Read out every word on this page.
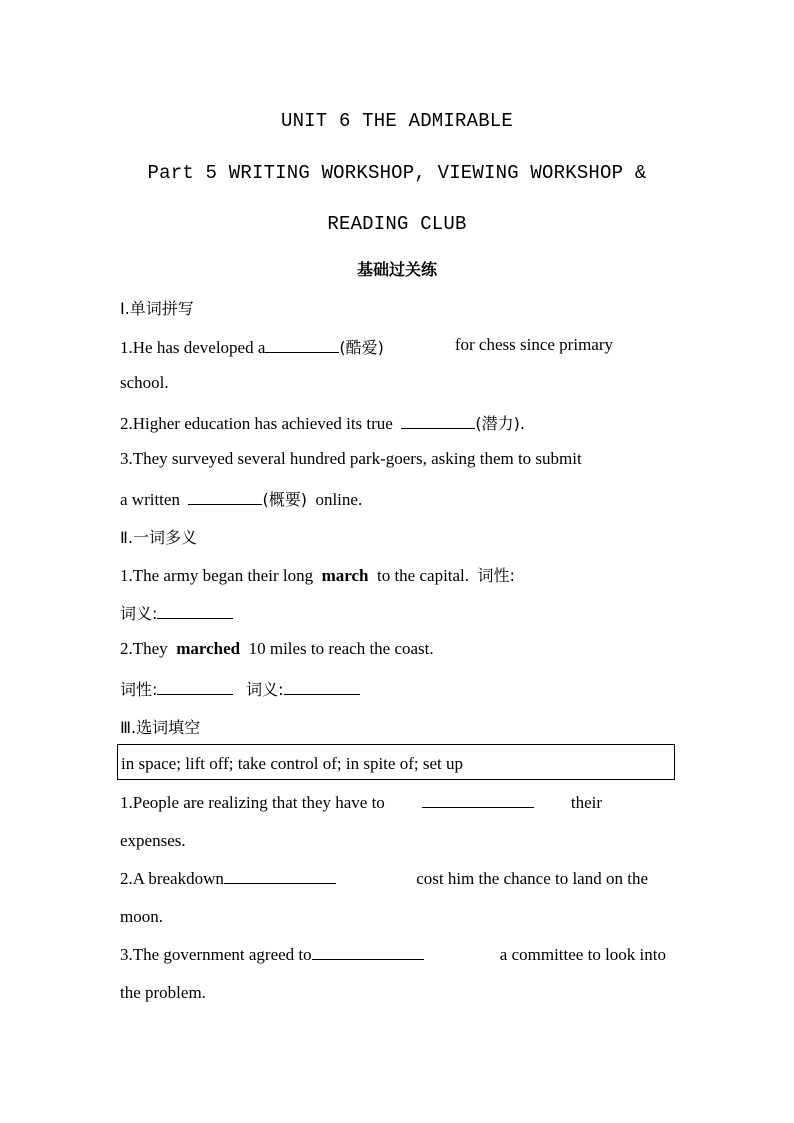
UNIT 6 THE ADMIRABLE
Part 5 WRITING WORKSHOP, VIEWING WORKSHOP &
READING CLUB
基础过关练
Ⅰ.单词拼写
1.He has developed a	(酷爱)	for chess since primary
school.
2.Higher education has achieved its true	(潜力).
3.They surveyed several hundred park-goers, asking them to submit
a written	(概要) online.
Ⅱ.一词多义
1.The army began their long march to the capital. 词性:
词义:
2.They marched 10 miles to reach the coast.
词性:	词义:
Ⅲ.选词填空
in space; lift off; take control of; in spite of; set up
1.People are realizing that they have to	their
expenses.
2.A breakdown	cost him the chance to land on the
moon.
3.The government agreed to	a committee to look into
the problem.
